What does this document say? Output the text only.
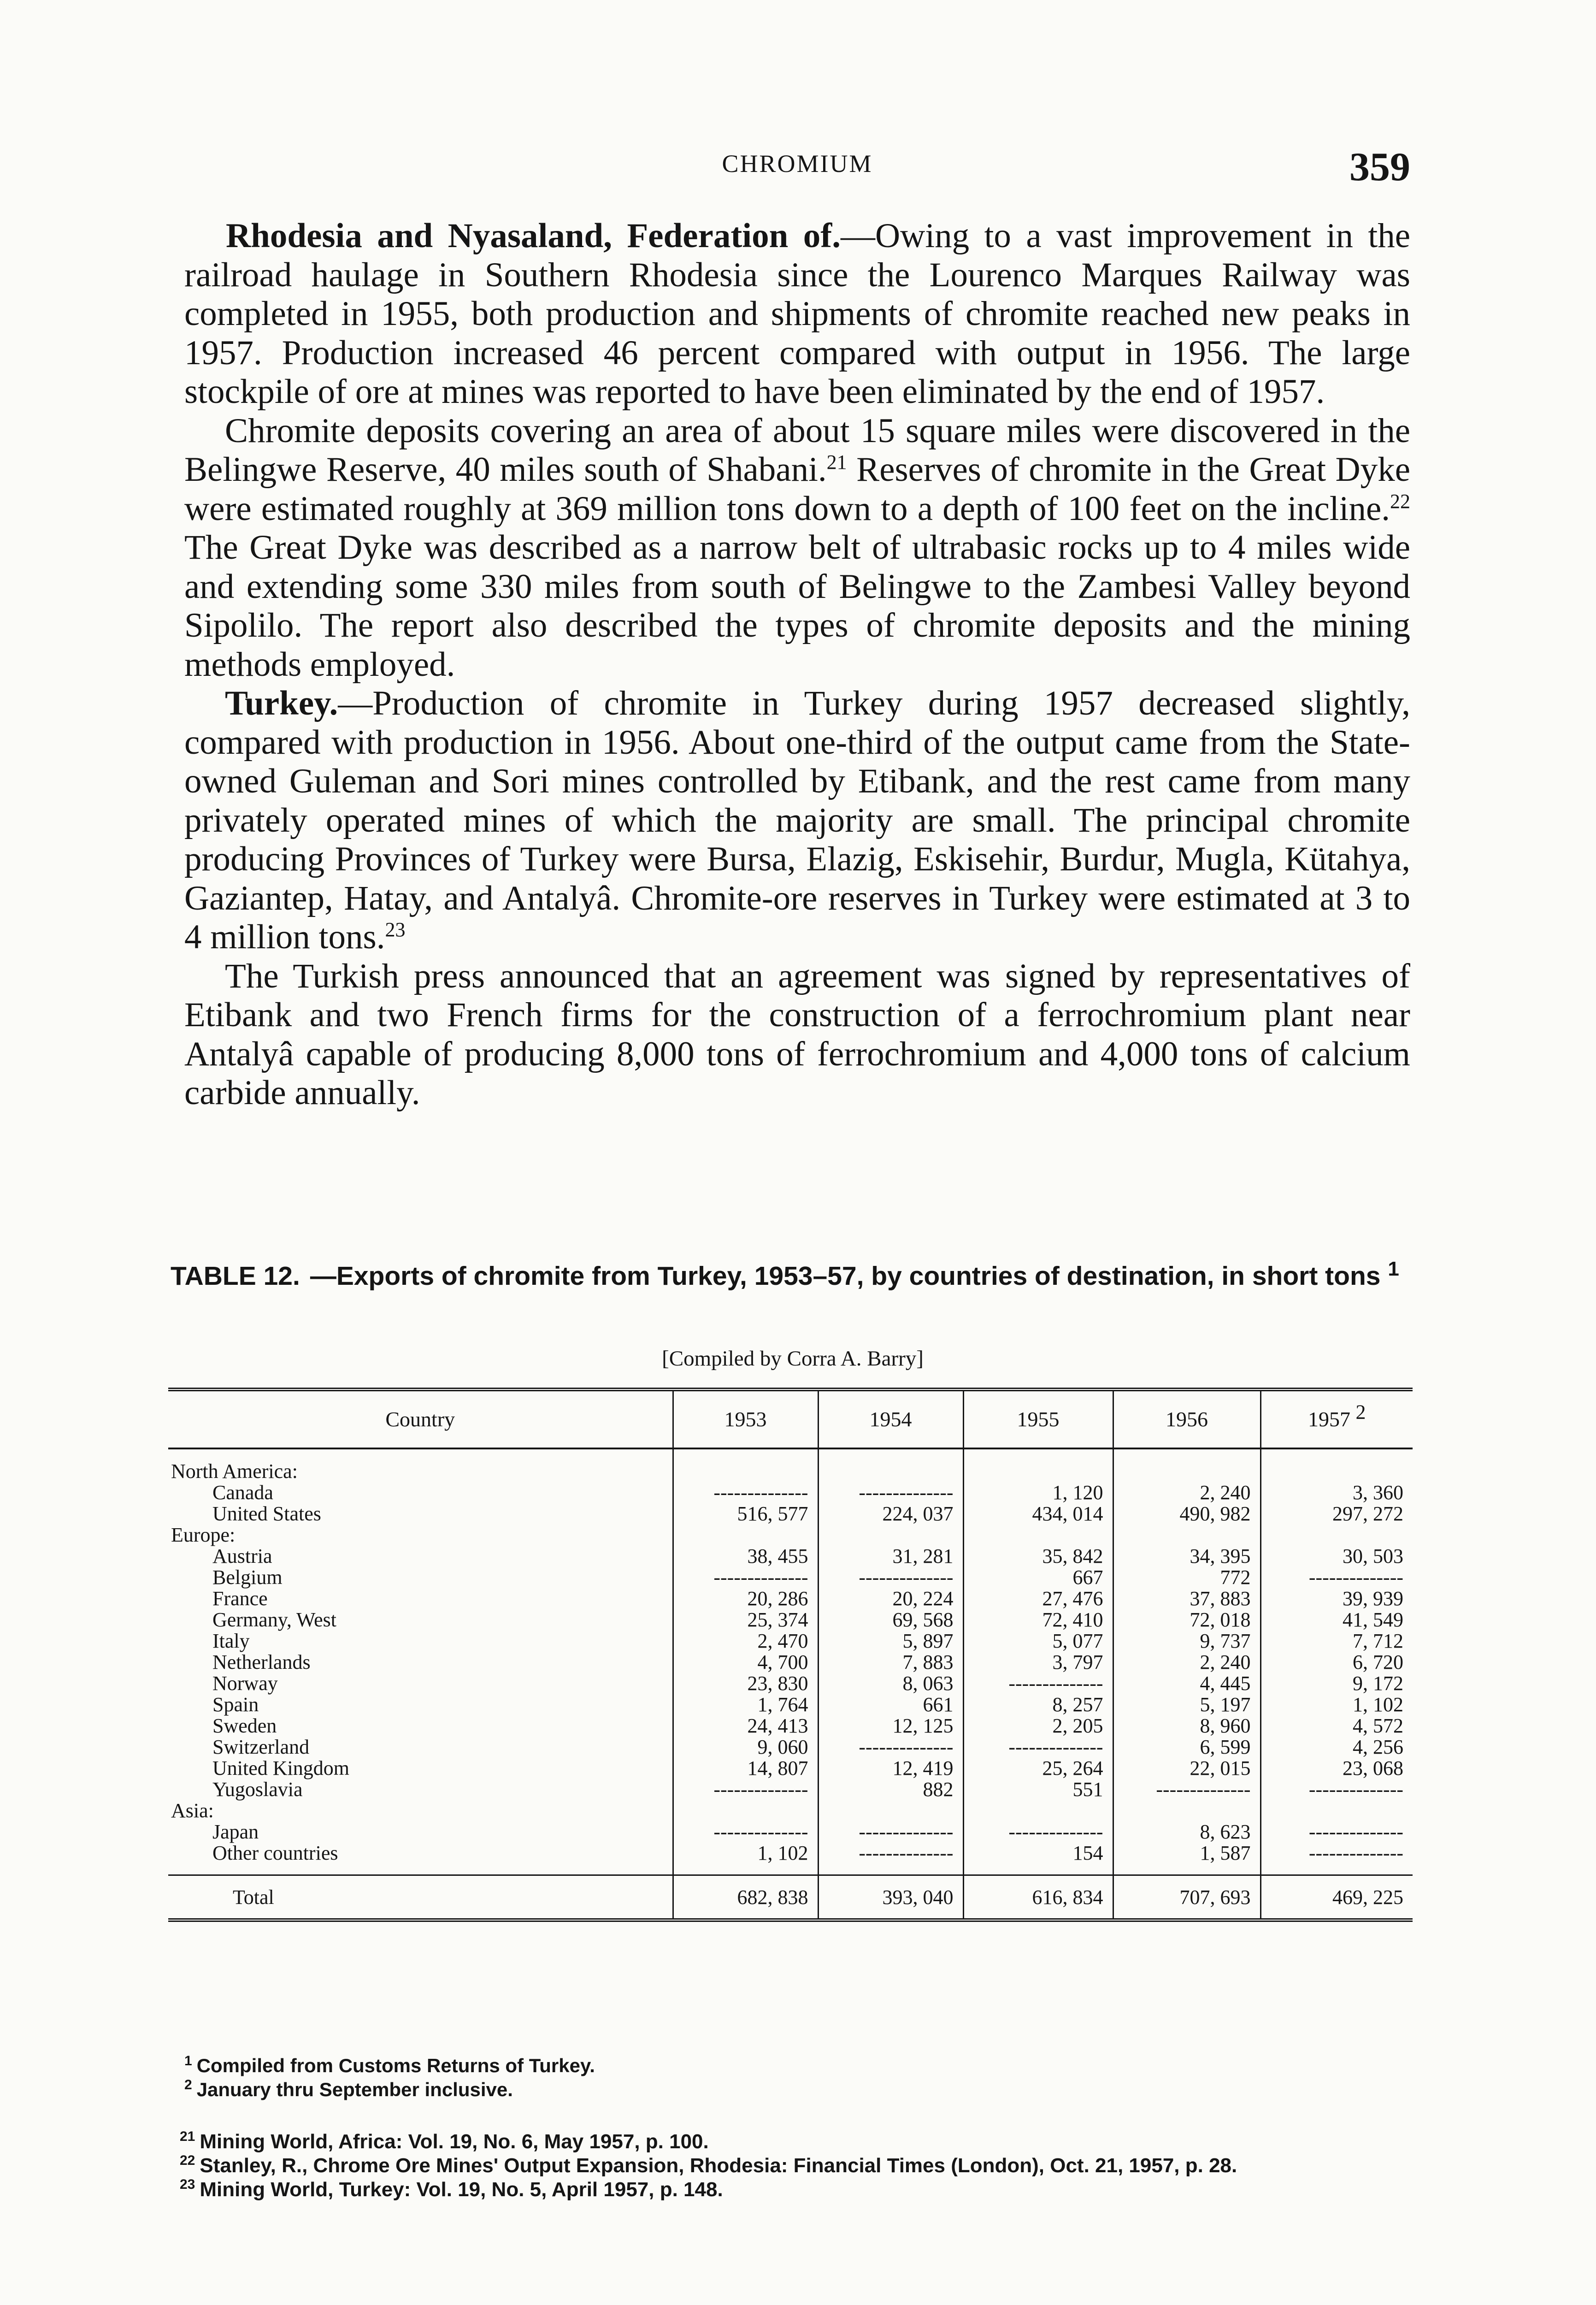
CHROMIUM	359

Rhodesia and Nyasaland, Federation of.—Owing to a vast improvement in the railroad haulage in Southern Rhodesia since the Lourenco Marques Railway was completed in 1955, both production and shipments of chromite reached new peaks in 1957. Production increased 46 percent compared with output in 1956. The large stockpile of ore at mines was reported to have been eliminated by the end of 1957.

Chromite deposits covering an area of about 15 square miles were discovered in the Belingwe Reserve, 40 miles south of Shabani.$^{21}$ Reserves of chromite in the Great Dyke were estimated roughly at 369 million tons down to a depth of 100 feet on the incline.$^{22}$ The Great Dyke was described as a narrow belt of ultrabasic rocks up to 4 miles wide and extending some 330 miles from south of Belingwe to the Zambesi Valley beyond Sipolilo. The report also described the types of chromite deposits and the mining methods employed.

Turkey.—Production of chromite in Turkey during 1957 decreased slightly, compared with production in 1956. About one-third of the output came from the State-owned Guleman and Sori mines controlled by Etibank, and the rest came from many privately operated mines of which the majority are small. The principal chromite producing Provinces of Turkey were Bursa, Elazig, Eskisehir, Burdur, Mugla, Kütahya, Gaziantep, Hatay, and Antalyâ. Chromite-ore reserves in Turkey were estimated at 3 to 4 million tons.$^{23}$

The Turkish press announced that an agreement was signed by representatives of Etibank and two French firms for the construction of a ferrochromium plant near Antalyâ capable of producing 8,000 tons of ferrochromium and 4,000 tons of calcium carbide annually.

TABLE 12. —Exports of chromite from Turkey, 1953–57, by countries of destination, in short tons $^1$
[Compiled by Corra A. Barry]
Country	1953	1954	1955	1956	1957 $^2$

North America:					
Canada	--------------	--------------	1, 120	2, 240	3, 360
United States	516, 577	224, 037	434, 014	490, 982	297, 272
Europe:					
Austria	38, 455	31, 281	35, 842	34, 395	30, 503
Belgium	--------------	--------------	667	772	--------------
France	20, 286	20, 224	27, 476	37, 883	39, 939
Germany, West	25, 374	69, 568	72, 410	72, 018	41, 549
Italy	2, 470	5, 897	5, 077	9, 737	7, 712
Netherlands	4, 700	7, 883	3, 797	2, 240	6, 720
Norway	23, 830	8, 063	--------------	4, 445	9, 172
Spain	1, 764	661	8, 257	5, 197	1, 102
Sweden	24, 413	12, 125	2, 205	8, 960	4, 572
Switzerland	9, 060	--------------	--------------	6, 599	4, 256
United Kingdom	14, 807	12, 419	25, 264	22, 015	23, 068
Yugoslavia	--------------	882	551	--------------	--------------
Asia:					
Japan	--------------	--------------	--------------	8, 623	--------------
Other countries	1, 102	--------------	154	1, 587	--------------

Total	682, 838	393, 040	616, 834	707, 693	469, 225
$^1$ Compiled from Customs Returns of Turkey.
$^2$ January thru September inclusive.

$^{21}$ Mining World, Africa: Vol. 19, No. 6, May 1957, p. 100.

$^{22}$ Stanley, R., Chrome Ore Mines' Output Expansion, Rhodesia: Financial Times (London), Oct. 21, 1957, p. 28.

$^{23}$ Mining World, Turkey: Vol. 19, No. 5, April 1957, p. 148.
